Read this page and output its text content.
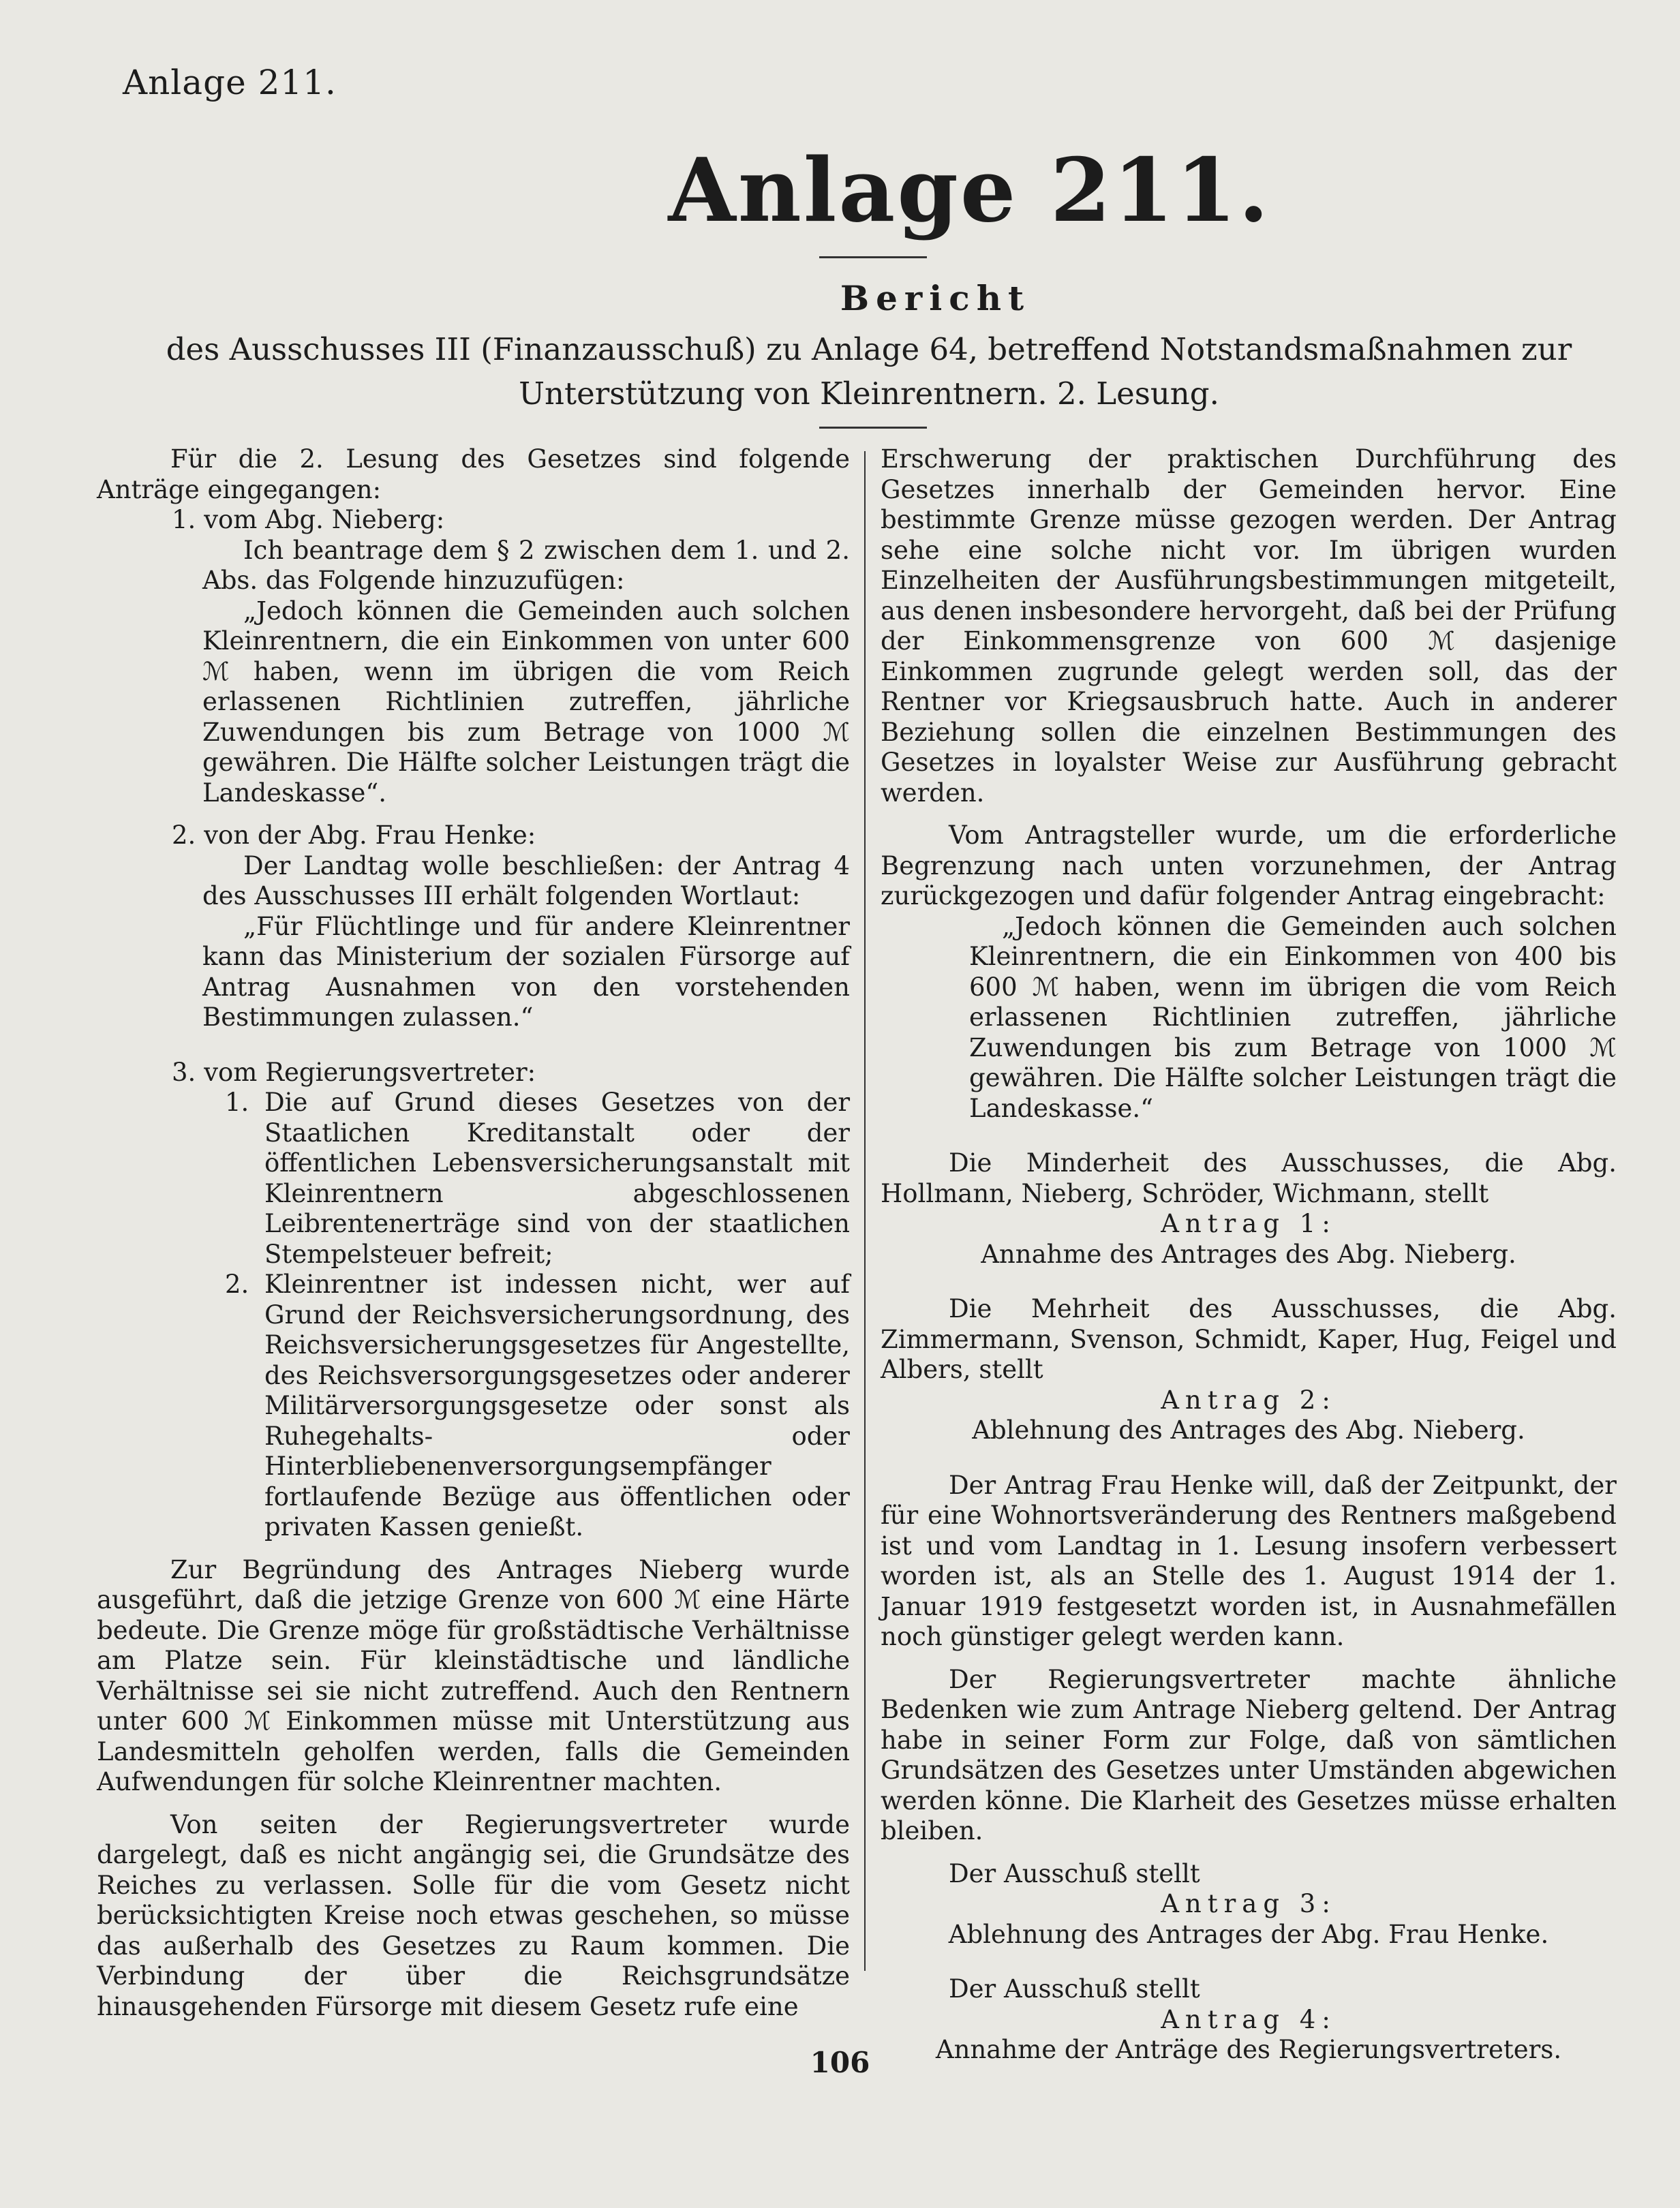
Anlage 211.
Anlage 211.
Bericht
des Ausschusses III (Finanzausschuß) zu Anlage 64, betreffend Notstandsmaßnahmen zur Unterstützung von Kleinrentnern. 2. Lesung.

Für die 2. Lesung des Gesetzes sind folgende Anträge eingegangen:

1. vom Abg. Nieberg:

Ich beantrage dem § 2 zwischen dem 1. und 2. Abs. das Folgende hinzuzufügen:

„Jedoch können die Gemeinden auch solchen Kleinrentnern, die ein Einkommen von unter 600 ℳ haben, wenn im übrigen die vom Reich erlassenen Richtlinien zutreffen, jährliche Zuwendungen bis zum Betrage von 1000 ℳ gewähren. Die Hälfte solcher Leistungen trägt die Landeskasse“.

2. von der Abg. Frau Henke:

Der Landtag wolle beschließen: der Antrag 4 des Ausschusses III erhält folgenden Wortlaut:

„Für Flüchtlinge und für andere Kleinrentner kann das Ministerium der sozialen Fürsorge auf Antrag Ausnahmen von den vorstehenden Bestimmungen zulassen.“

3. vom Regierungsvertreter:

1. Die auf Grund dieses Gesetzes von der Staatlichen Kreditanstalt oder der öffentlichen Lebensversicherungsanstalt mit Kleinrentnern abgeschlossenen Leibrentenerträge sind von der staatlichen Stempelsteuer befreit;
2. Kleinrentner ist indessen nicht, wer auf Grund der Reichsversicherungsordnung, des Reichsversicherungsgesetzes für Angestellte, des Reichsversorgungsgesetzes oder anderer Militärversorgungsgesetze oder sonst als Ruhegehalts- oder Hinterbliebenenversorgungsempfänger fortlaufende Bezüge aus öffentlichen oder privaten Kassen genießt.

Zur Begründung des Antrages Nieberg wurde ausgeführt, daß die jetzige Grenze von 600 ℳ eine Härte bedeute. Die Grenze möge für großstädtische Verhältnisse am Platze sein. Für kleinstädtische und ländliche Verhältnisse sei sie nicht zutreffend. Auch den Rentnern unter 600 ℳ Einkommen müsse mit Unterstützung aus Landesmitteln geholfen werden, falls die Gemeinden Aufwendungen für solche Kleinrentner machten.

Von seiten der Regierungsvertreter wurde dargelegt, daß es nicht angängig sei, die Grundsätze des Reiches zu verlassen. Solle für die vom Gesetz nicht berücksichtigten Kreise noch etwas geschehen, so müsse das außerhalb des Gesetzes zu Raum kommen. Die Verbindung der über die Reichsgrundsätze hinausgehenden Fürsorge mit diesem Gesetz rufe eine

Erschwerung der praktischen Durchführung des Gesetzes innerhalb der Gemeinden hervor. Eine bestimmte Grenze müsse gezogen werden. Der Antrag sehe eine solche nicht vor. Im übrigen wurden Einzelheiten der Ausführungsbestimmungen mitgeteilt, aus denen insbesondere hervorgeht, daß bei der Prüfung der Einkommensgrenze von 600 ℳ dasjenige Einkommen zugrunde gelegt werden soll, das der Rentner vor Kriegsausbruch hatte. Auch in anderer Beziehung sollen die einzelnen Bestimmungen des Gesetzes in loyalster Weise zur Ausführung gebracht werden.

Vom Antragsteller wurde, um die erforderliche Begrenzung nach unten vorzunehmen, der Antrag zurückgezogen und dafür folgender Antrag eingebracht:

„Jedoch können die Gemeinden auch solchen Kleinrentnern, die ein Einkommen von 400 bis 600 ℳ haben, wenn im übrigen die vom Reich erlassenen Richtlinien zutreffen, jährliche Zuwendungen bis zum Betrage von 1000 ℳ gewähren. Die Hälfte solcher Leistungen trägt die Landeskasse.“

Die Minderheit des Ausschusses, die Abg. Hollmann, Nieberg, Schröder, Wichmann, stellt

Antrag 1:

Annahme des Antrages des Abg. Nieberg.

Die Mehrheit des Ausschusses, die Abg. Zimmermann, Svenson, Schmidt, Kaper, Hug, Feigel und Albers, stellt

Antrag 2:

Ablehnung des Antrages des Abg. Nieberg.

Der Antrag Frau Henke will, daß der Zeitpunkt, der für eine Wohnortsveränderung des Rentners maßgebend ist und vom Landtag in 1. Lesung insofern verbessert worden ist, als an Stelle des 1. August 1914 der 1. Januar 1919 festgesetzt worden ist, in Ausnahmefällen noch günstiger gelegt werden kann.

Der Regierungsvertreter machte ähnliche Bedenken wie zum Antrage Nieberg geltend. Der Antrag habe in seiner Form zur Folge, daß von sämtlichen Grundsätzen des Gesetzes unter Umständen abgewichen werden könne. Die Klarheit des Gesetzes müsse erhalten bleiben.

Der Ausschuß stellt

Antrag 3:

Ablehnung des Antrages der Abg. Frau Henke.

Der Ausschuß stellt

Antrag 4:

Annahme der Anträge des Regierungsvertreters.

106
